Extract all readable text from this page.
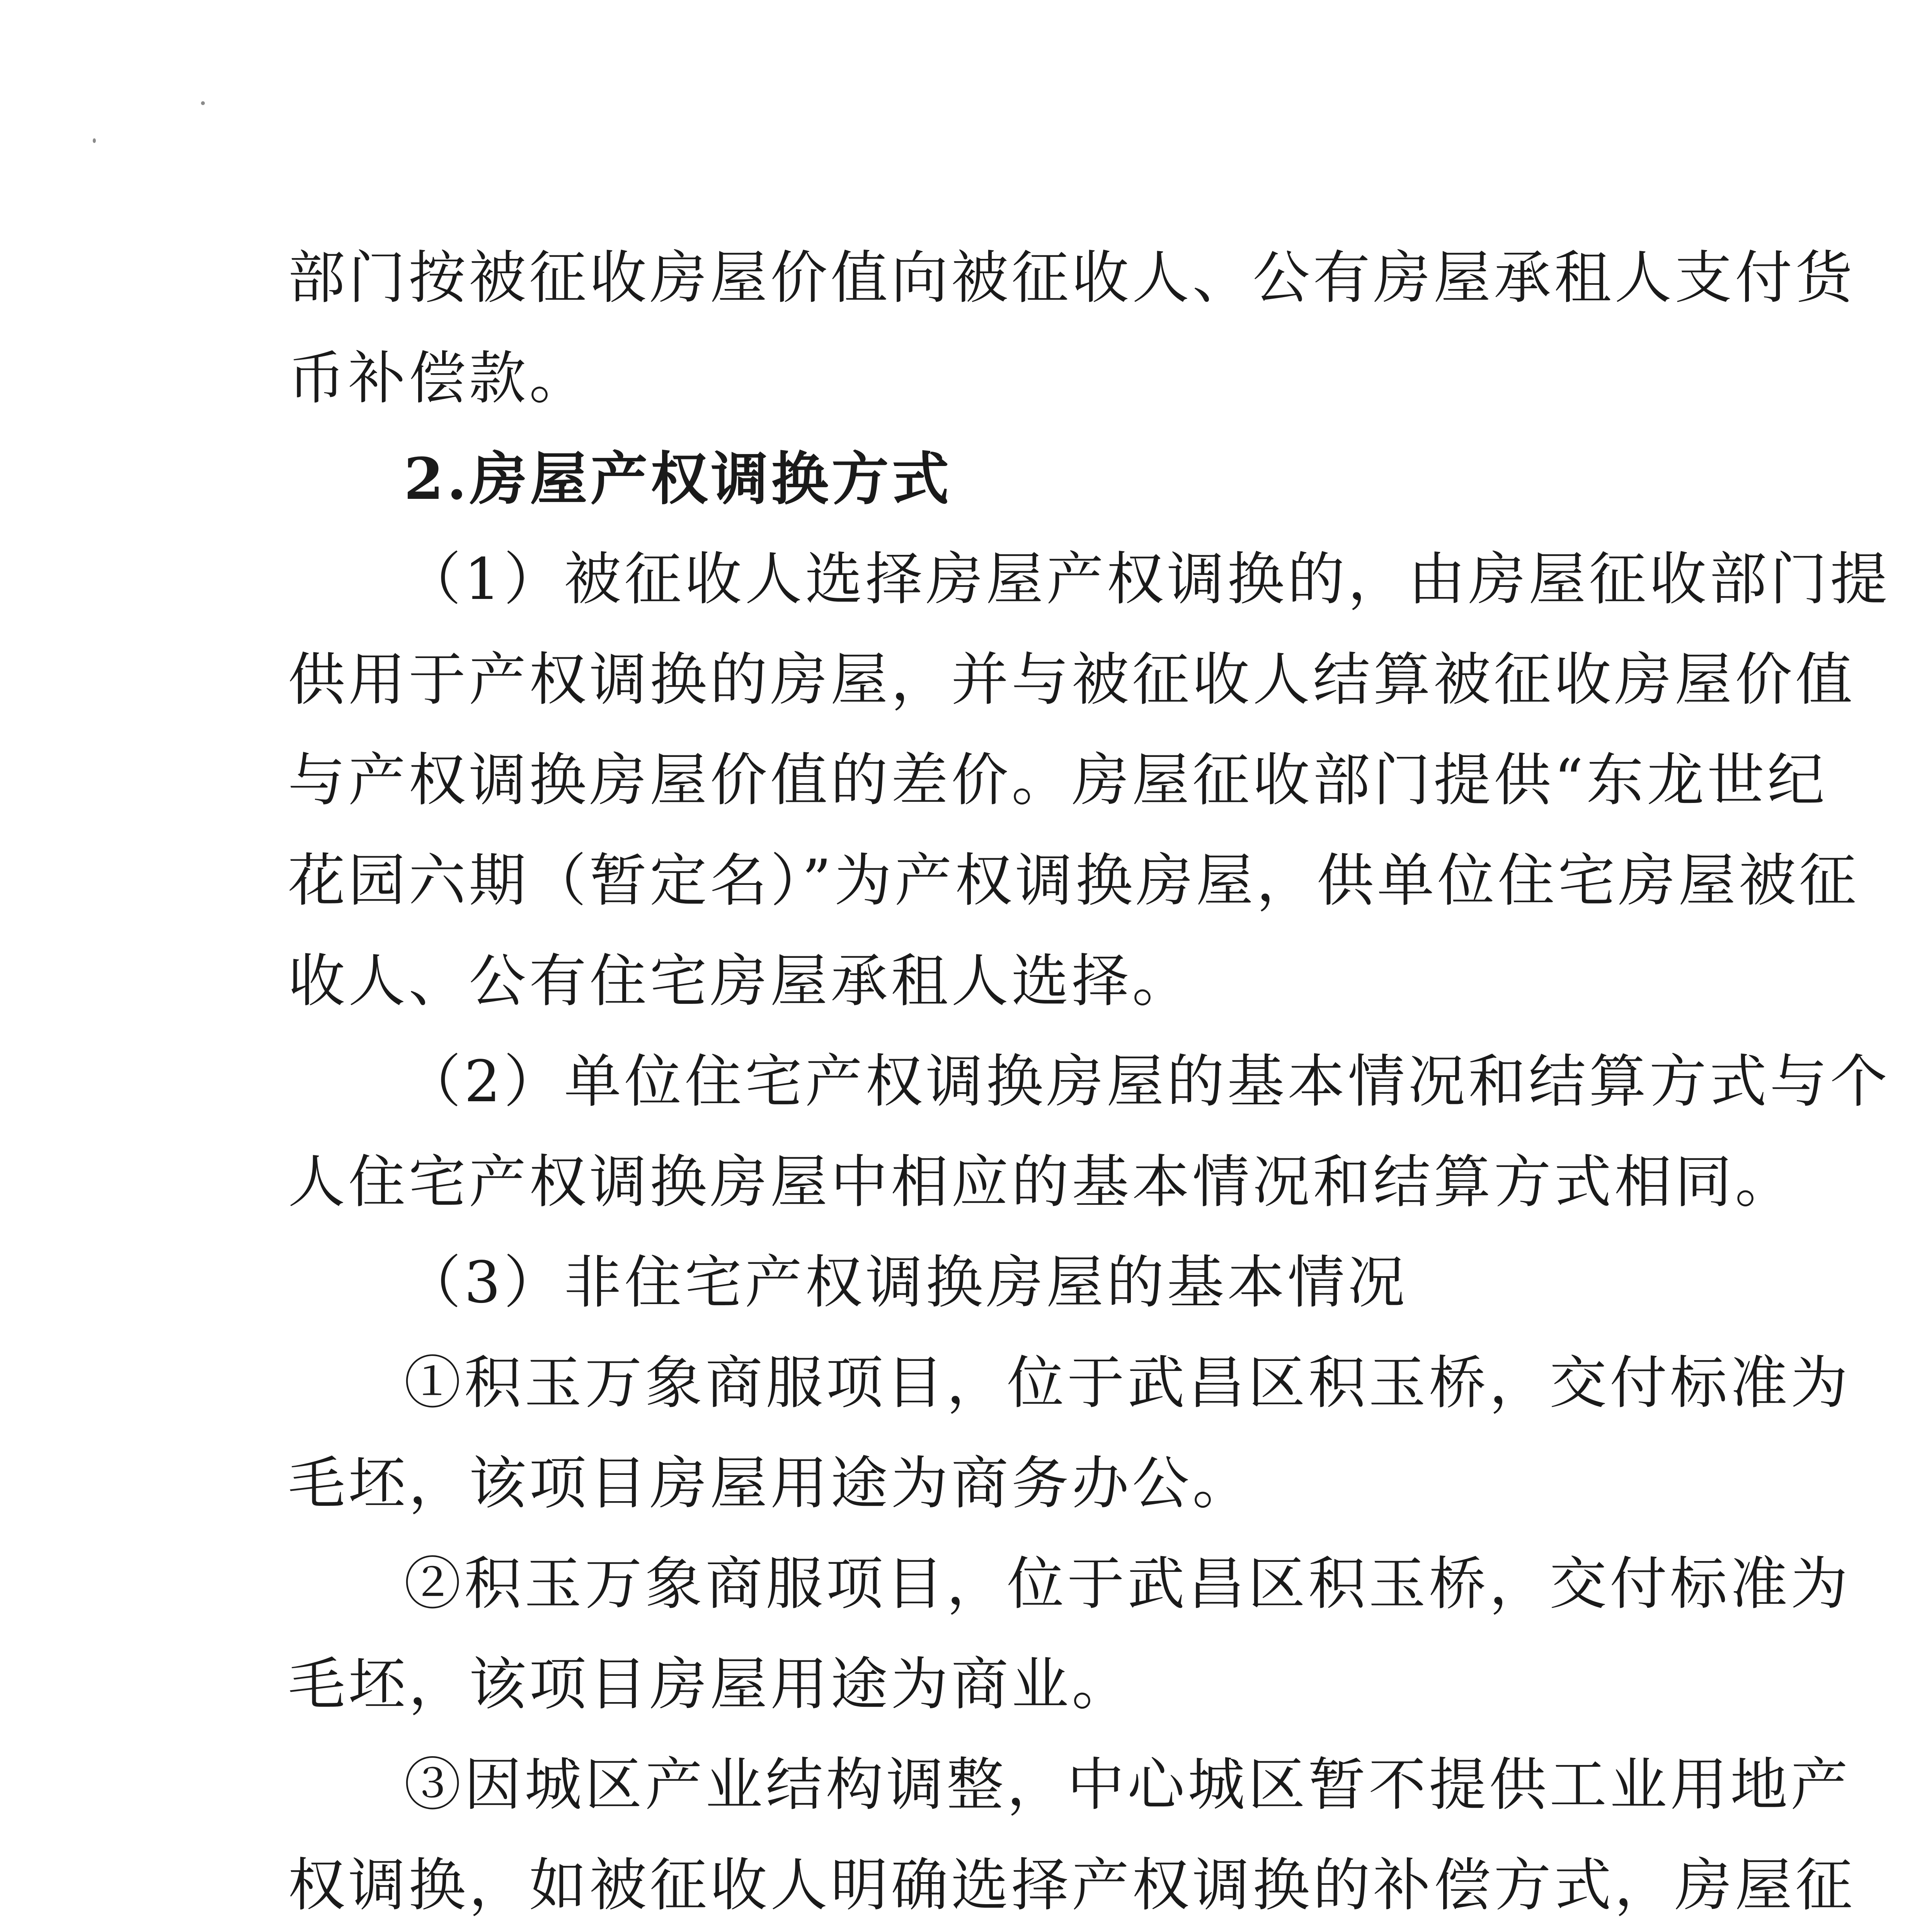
部门按被征收房屋价值向被征收人、公有房屋承租人支付货
币补偿款。
2.房屋产权调换方式
（1）被征收人选择房屋产权调换的，由房屋征收部门提
供用于产权调换的房屋，并与被征收人结算被征收房屋价值
与产权调换房屋价值的差价。房屋征收部门提供“东龙世纪
花园六期（暂定名）”为产权调换房屋，供单位住宅房屋被征
收人、公有住宅房屋承租人选择。
（2）单位住宅产权调换房屋的基本情况和结算方式与个
人住宅产权调换房屋中相应的基本情况和结算方式相同。
（3）非住宅产权调换房屋的基本情况
①积玉万象商服项目，位于武昌区积玉桥，交付标准为
毛坯，该项目房屋用途为商务办公。
②积玉万象商服项目，位于武昌区积玉桥，交付标准为
毛坯，该项目房屋用途为商业。
③因城区产业结构调整，中心城区暂不提供工业用地产
权调换，如被征收人明确选择产权调换的补偿方式，房屋征
